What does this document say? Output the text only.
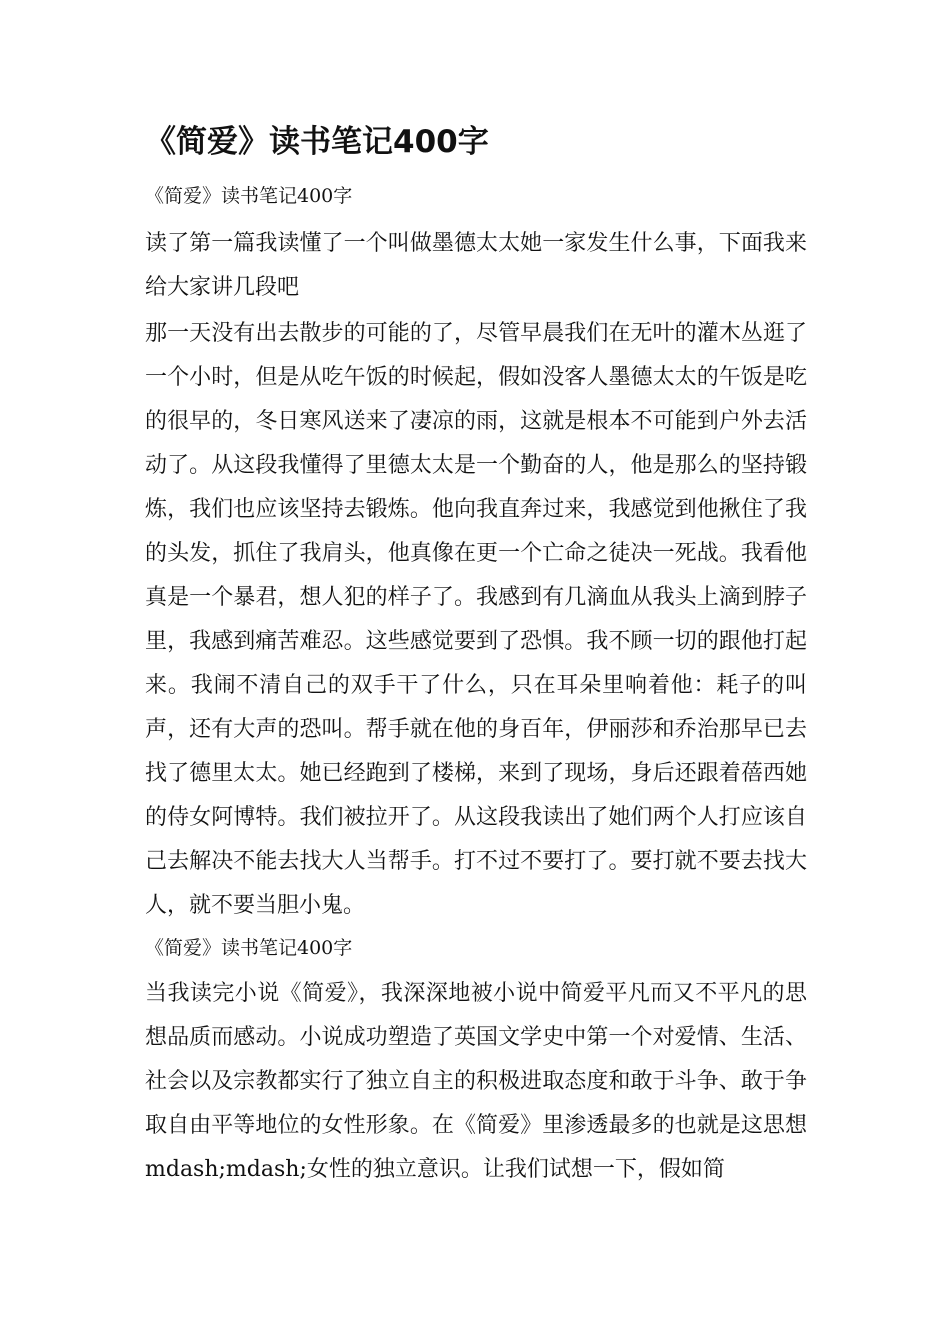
《简爱》读书笔记400字
《简爱》读书笔记400字

读了第一篇我读懂了一个叫做墨德太太她一家发生什么事，下面我来给大家讲几段吧

那一天没有出去散步的可能的了，尽管早晨我们在无叶的灌木丛逛了一个小时，但是从吃午饭的时候起，假如没客人墨德太太的午饭是吃的很早的，冬日寒风送来了凄凉的雨，这就是根本不可能到户外去活动了。从这段我懂得了里德太太是一个勤奋的人，他是那么的坚持锻炼，我们也应该坚持去锻炼。他向我直奔过来，我感觉到他揪住了我的头发，抓住了我肩头，他真像在更一个亡命之徒决一死战。我看他真是一个暴君，想人犯的样子了。我感到有几滴血从我头上滴到脖子里，我感到痛苦难忍。这些感觉要到了恐惧。我不顾一切的跟他打起来。我闹不清自己的双手干了什么，只在耳朵里响着他：耗子的叫声，还有大声的恐叫。帮手就在他的身百年，伊丽莎和乔治那早已去找了德里太太。她已经跑到了楼梯，来到了现场，身后还跟着蓓西她的侍女阿博特。我们被拉开了。从这段我读出了她们两个人打应该自己去解决不能去找大人当帮手。打不过不要打了。要打就不要去找大人，就不要当胆小鬼。

《简爱》读书笔记400字

当我读完小说《简爱》，我深深地被小说中简爱平凡而又不平凡的思想品质而感动。小说成功塑造了英国文学史中第一个对爱情、生活、社会以及宗教都实行了独立自主的积极进取态度和敢于斗争、敢于争取自由平等地位的女性形象。在《简爱》里渗透最多的也就是这思想mdash;mdash;女性的独立意识。让我们试想一下，假如简
